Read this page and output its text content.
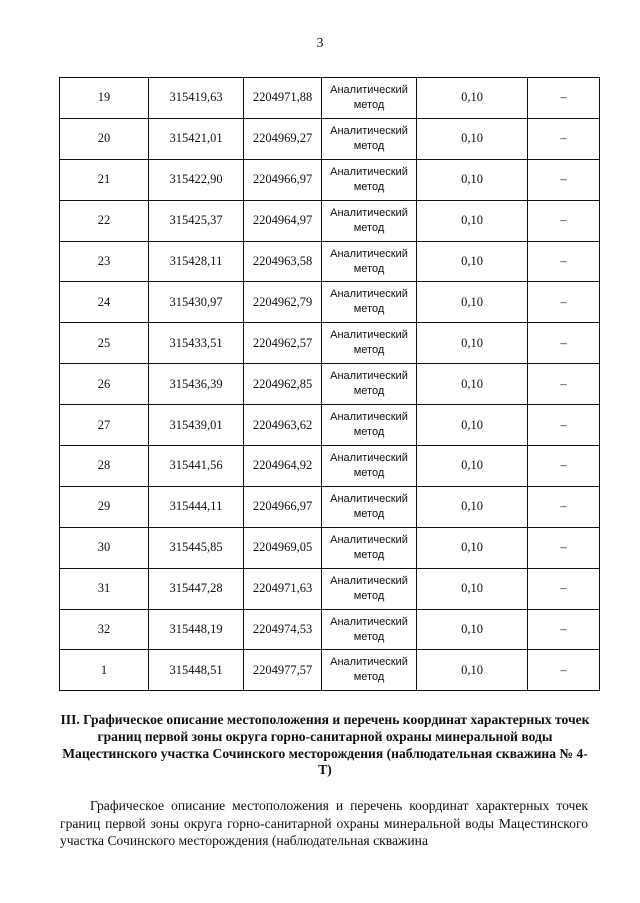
3
19	315419,63	2204971,88	Аналитический метод	0,10	–
20	315421,01	2204969,27	Аналитический метод	0,10	–
21	315422,90	2204966,97	Аналитический метод	0,10	–
22	315425,37	2204964,97	Аналитический метод	0,10	–
23	315428,11	2204963,58	Аналитический метод	0,10	–
24	315430,97	2204962,79	Аналитический метод	0,10	–
25	315433,51	2204962,57	Аналитический метод	0,10	–
26	315436,39	2204962,85	Аналитический метод	0,10	–
27	315439,01	2204963,62	Аналитический метод	0,10	–
28	315441,56	2204964,92	Аналитический метод	0,10	–
29	315444,11	2204966,97	Аналитический метод	0,10	–
30	315445,85	2204969,05	Аналитический метод	0,10	–
31	315447,28	2204971,63	Аналитический метод	0,10	–
32	315448,19	2204974,53	Аналитический метод	0,10	–
1	315448,51	2204977,57	Аналитический метод	0,10	–
III. Графическое описание местоположения и перечень координат характерных точек границ первой зоны округа горно-санитарной охраны минеральной воды Мацестинского участка Сочинского месторождения (наблюдательная скважина № 4-Т)
Графическое описание местоположения и перечень координат характерных точек границ первой зоны округа горно-санитарной охраны минеральной воды Мацестинского участка Сочинского месторождения (наблюдательная скважина
